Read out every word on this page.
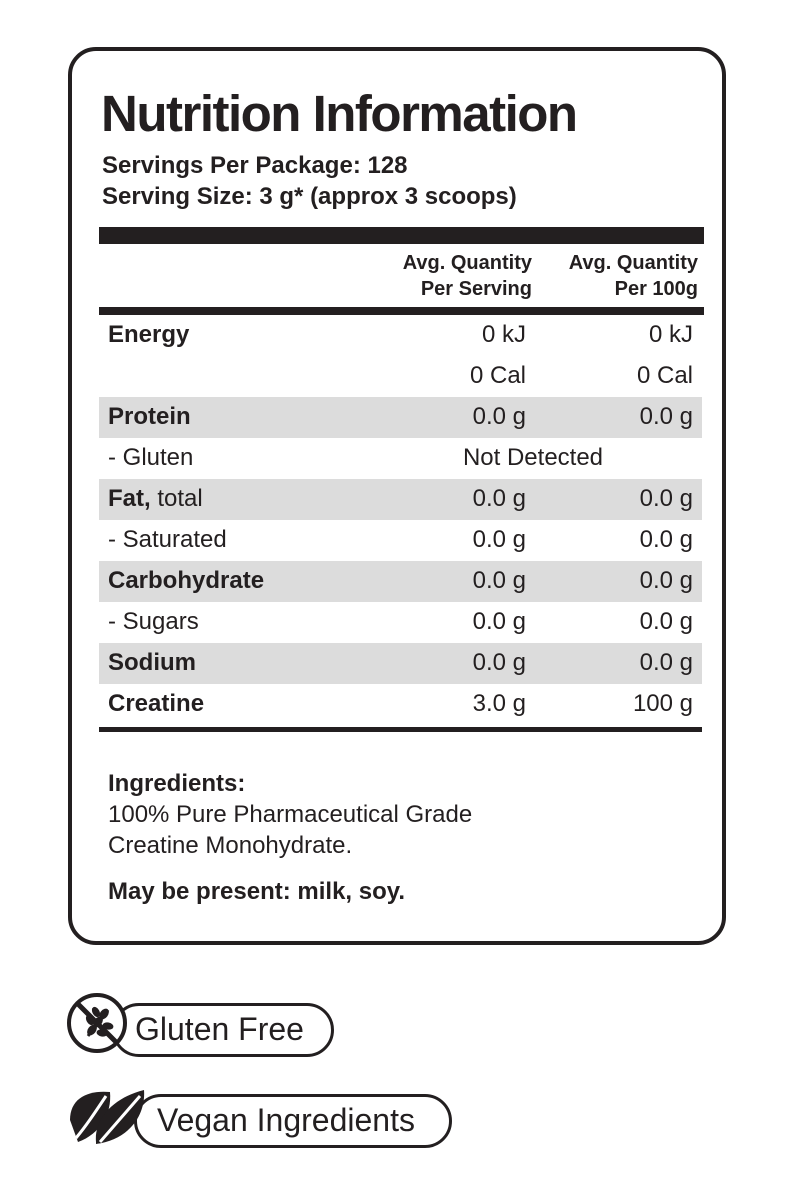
Nutrition Information
Servings Per Package: 128
Serving Size: 3 g* (approx 3 scoops)
Avg. Quantity
Per Serving
Avg. Quantity
Per 100g
Energy	0 kJ	0 kJ
0 Cal	0 Cal
Protein	0.0 g	0.0 g
- Gluten	Not Detected
Fat, total	0.0 g	0.0 g
- Saturated	0.0 g	0.0 g
Carbohydrate	0.0 g	0.0 g
- Sugars	0.0 g	0.0 g
Sodium	0.0 g	0.0 g
Creatine	3.0 g	100 g
Ingredients:
100% Pure Pharmaceutical Grade
Creatine Monohydrate.
May be present: milk, soy.
Gluten Free
Vegan Ingredients
